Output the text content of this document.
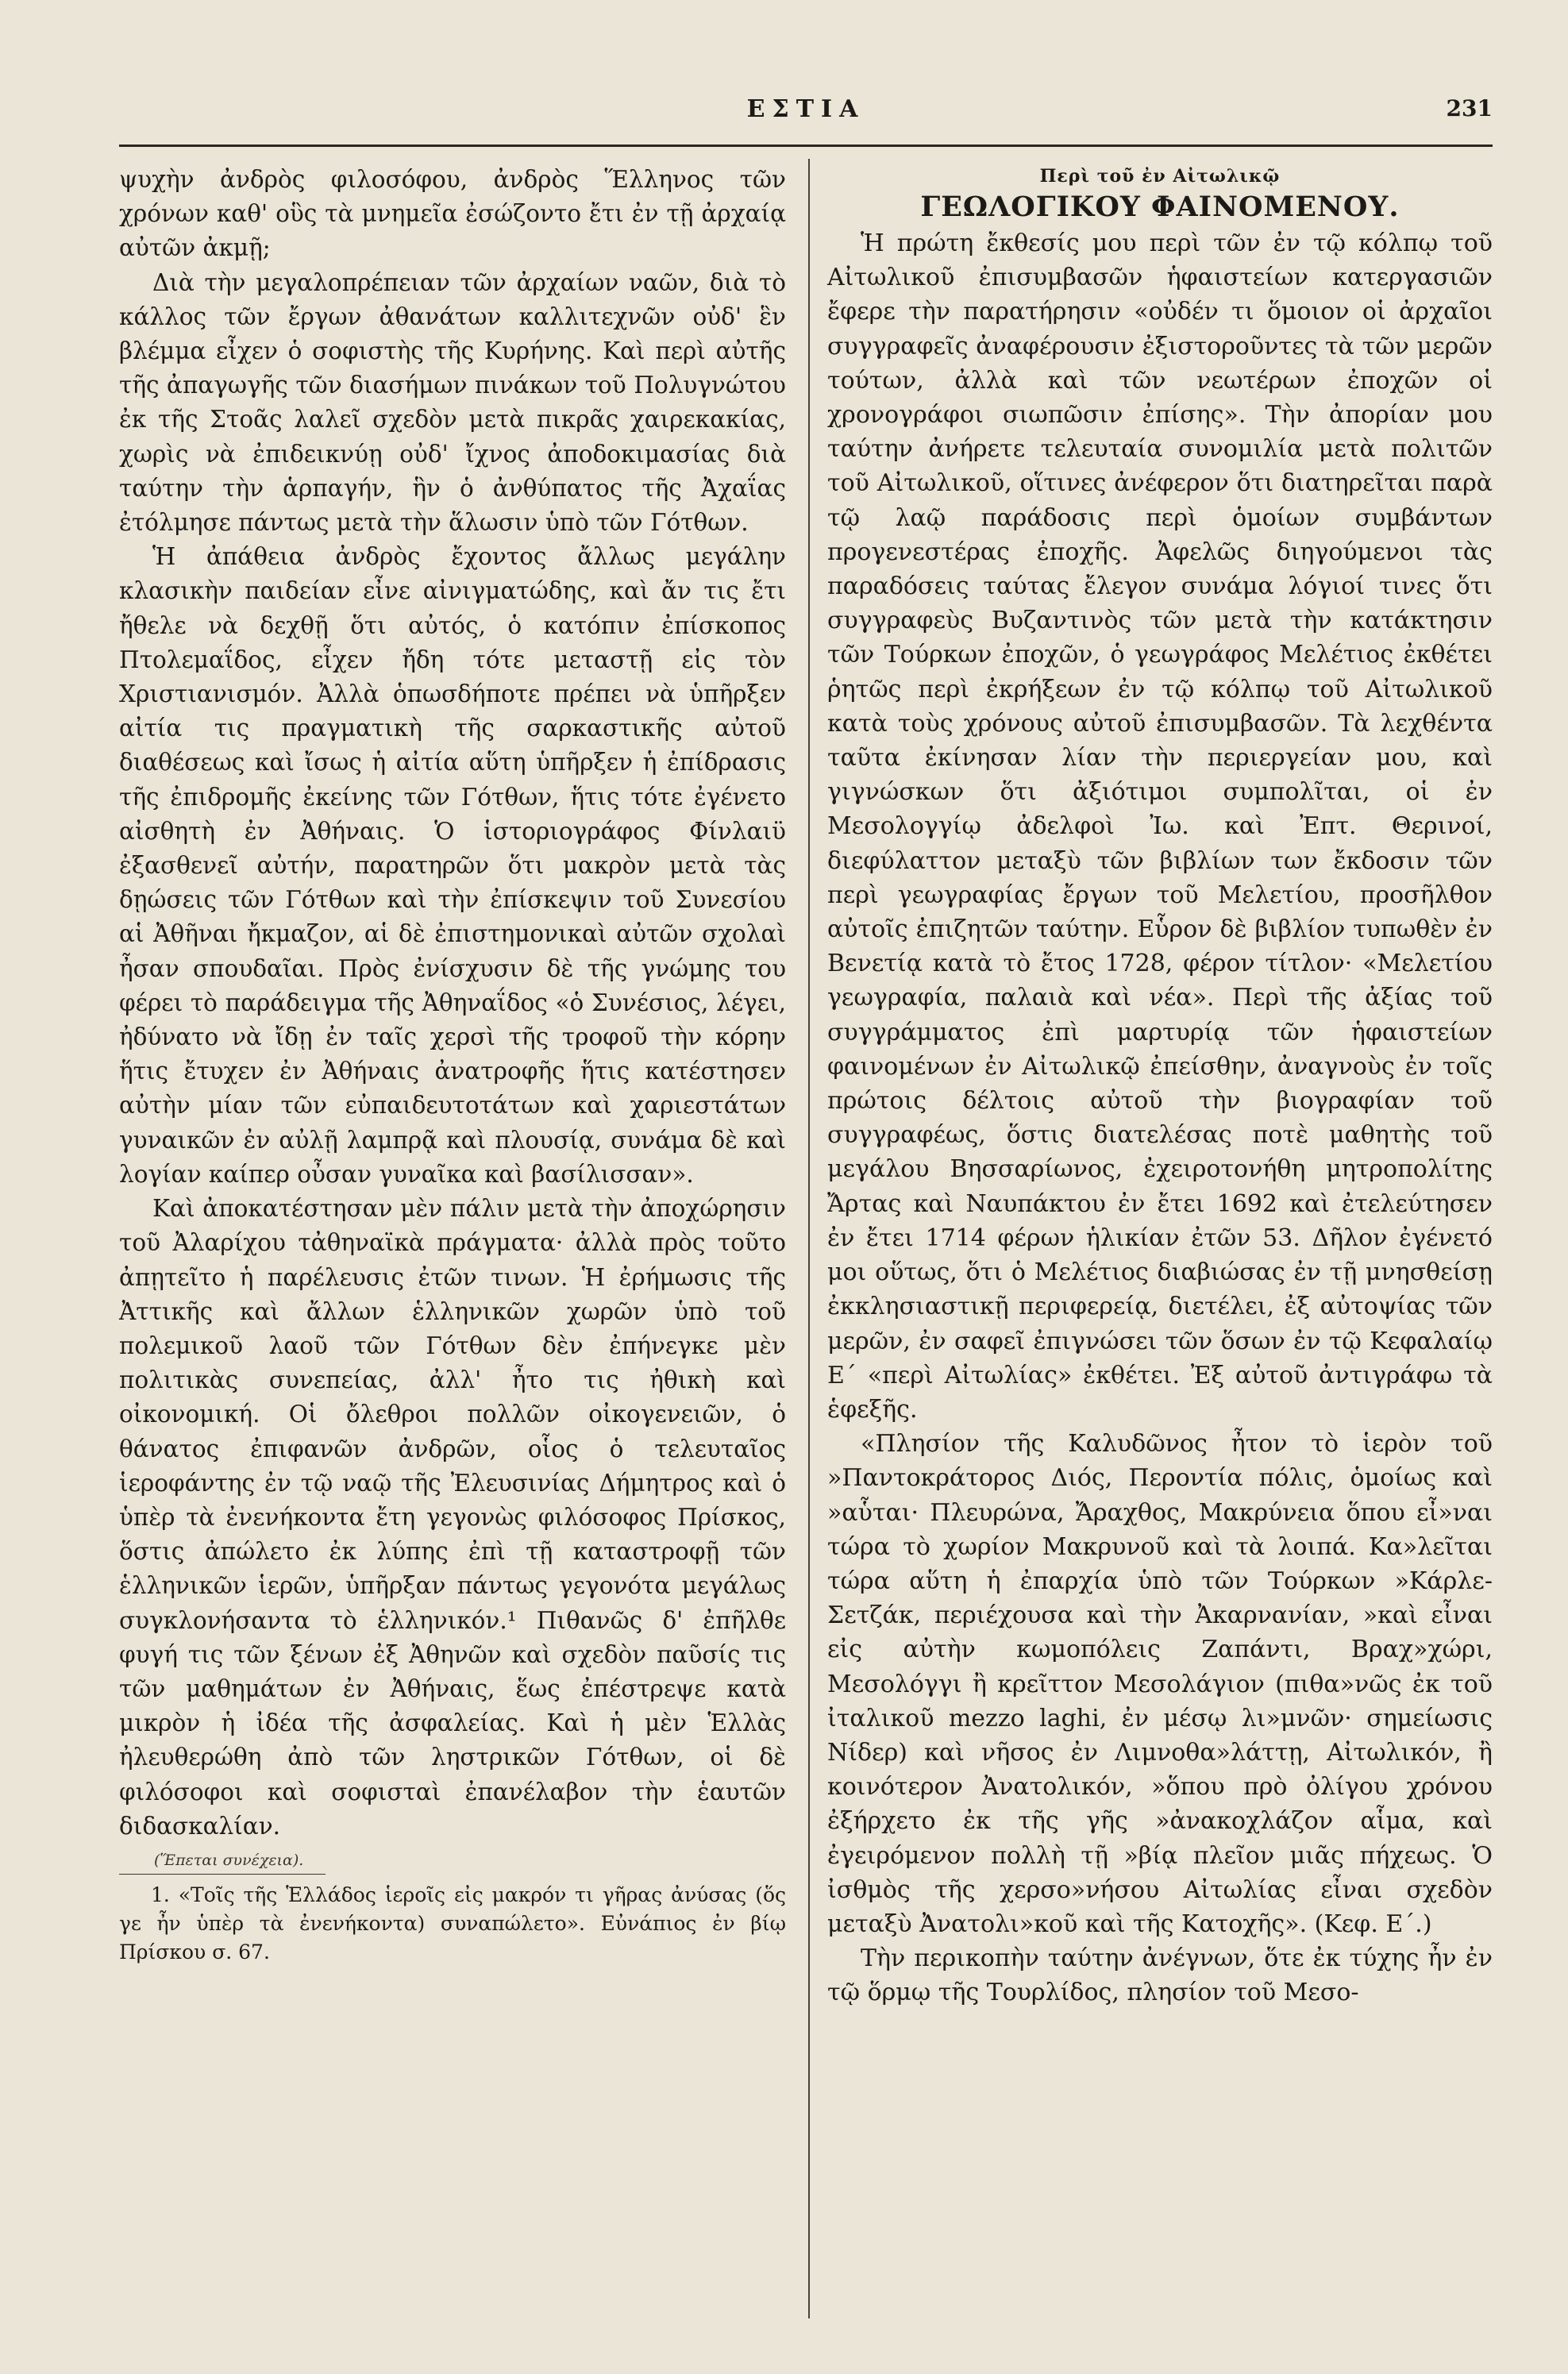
ΕΣΤΙΑ	231

ψυχὴν ἀνδρὸς φιλοσόφου, ἀνδρὸς Ἕλληνος τῶν χρόνων καθ' οὓς τὰ μνημεῖα ἐσώζοντο ἔτι ἐν τῇ ἀρχαίᾳ αὐτῶν ἀκμῇ;

Διὰ τὴν μεγαλοπρέπειαν τῶν ἀρχαίων ναῶν, διὰ τὸ κάλλος τῶν ἔργων ἀθανάτων καλλιτεχνῶν οὐδ' ἓν βλέμμα εἶχεν ὁ σοφιστὴς τῆς Κυρήνης. Καὶ περὶ αὐτῆς τῆς ἀπαγωγῆς τῶν διασήμων πινάκων τοῦ Πολυγνώτου ἐκ τῆς Στοᾶς λαλεῖ σχεδὸν μετὰ πικρᾶς χαιρεκακίας, χωρὶς νὰ ἐπιδεικνύῃ οὐδ' ἴχνος ἀποδοκιμασίας διὰ ταύτην τὴν ἁρπαγήν, ἣν ὁ ἀνθύπατος τῆς Ἀχαΐας ἐτόλμησε πάντως μετὰ τὴν ἅλωσιν ὑπὸ τῶν Γότθων.

Ἡ ἀπάθεια ἀνδρὸς ἔχοντος ἄλλως μεγάλην κλασικὴν παιδείαν εἶνε αἰνιγματώδης, καὶ ἄν τις ἔτι ἤθελε νὰ δεχθῇ ὅτι αὐτός, ὁ κατόπιν ἐπίσκοπος Πτολεμαΐδος, εἶχεν ἤδη τότε μεταστῇ εἰς τὸν Χριστιανισμόν. Ἀλλὰ ὁπωσδήποτε πρέπει νὰ ὑπῆρξεν αἰτία τις πραγματικὴ τῆς σαρκαστικῆς αὐτοῦ διαθέσεως καὶ ἴσως ἡ αἰτία αὕτη ὑπῆρξεν ἡ ἐπίδρασις τῆς ἐπιδρομῆς ἐκείνης τῶν Γότθων, ἥτις τότε ἐγένετο αἰσθητὴ ἐν Ἀθήναις. Ὁ ἱστοριογράφος Φίνλαιϋ ἐξασθενεῖ αὐτήν, παρατηρῶν ὅτι μακρὸν μετὰ τὰς δῃώσεις τῶν Γότθων καὶ τὴν ἐπίσκεψιν τοῦ Συνεσίου αἱ Ἀθῆναι ἤκμαζον, αἱ δὲ ἐπιστημονικαὶ αὐτῶν σχολαὶ ἦσαν σπουδαῖαι. Πρὸς ἐνίσχυσιν δὲ τῆς γνώμης του φέρει τὸ παράδειγμα τῆς Ἀθηναΐδος «ὁ Συνέσιος, λέγει, ἠδύνατο νὰ ἴδῃ ἐν ταῖς χερσὶ τῆς τροφοῦ τὴν κόρην ἥτις ἔτυχεν ἐν Ἀθήναις ἀνατροφῆς ἥτις κατέστησεν αὐτὴν μίαν τῶν εὐπαιδευτοτάτων καὶ χαριεστάτων γυναικῶν ἐν αὐλῇ λαμπρᾷ καὶ πλουσίᾳ, συνάμα δὲ καὶ λογίαν καίπερ οὖσαν γυναῖκα καὶ βασίλισσαν».

Καὶ ἀποκατέστησαν μὲν πάλιν μετὰ τὴν ἀποχώρησιν τοῦ Ἀλαρίχου τἀθηναϊκὰ πράγματα· ἀλλὰ πρὸς τοῦτο ἀπῃτεῖτο ἡ παρέλευσις ἐτῶν τινων. Ἡ ἐρήμωσις τῆς Ἀττικῆς καὶ ἄλλων ἑλληνικῶν χωρῶν ὑπὸ τοῦ πολεμικοῦ λαοῦ τῶν Γότθων δὲν ἐπήνεγκε μὲν πολιτικὰς συνεπείας, ἀλλ' ἦτο τις ἠθικὴ καὶ οἰκονομική. Οἱ ὄλεθροι πολλῶν οἰκογενειῶν, ὁ θάνατος ἐπιφανῶν ἀνδρῶν, οἷος ὁ τελευταῖος ἱεροφάντης ἐν τῷ ναῷ τῆς Ἐλευσινίας Δήμητρος καὶ ὁ ὑπὲρ τὰ ἐνενήκοντα ἔτη γεγονὼς φιλόσοφος Πρίσκος, ὅστις ἀπώλετο ἐκ λύπης ἐπὶ τῇ καταστροφῇ τῶν ἑλληνικῶν ἱερῶν, ὑπῆρξαν πάντως γεγονότα μεγάλως συγκλονήσαντα τὸ ἑλληνικόν.¹ Πιθανῶς δ' ἐπῆλθε φυγή τις τῶν ξένων ἐξ Ἀθηνῶν καὶ σχεδὸν παῦσίς τις τῶν μαθημάτων ἐν Ἀθήναις, ἕως ἐπέστρεψε κατὰ μικρὸν ἡ ἰδέα τῆς ἀσφαλείας. Καὶ ἡ μὲν Ἑλλὰς ἠλευθερώθη ἀπὸ τῶν ληστρικῶν Γότθων, οἱ δὲ φιλόσοφοι καὶ σοφισταὶ ἐπανέλαβον τὴν ἑαυτῶν διδασκαλίαν.

(Ἕπεται συνέχεια).

1. «Τοῖς τῆς Ἑλλάδος ἱεροῖς εἰς μακρόν τι γῆρας ἀνύσας (ὅς γε ἦν ὑπὲρ τὰ ἐνενήκοντα) συναπώλετο». Εὐνάπιος ἐν βίῳ Πρίσκου σ. 67.

Περὶ τοῦ ἐν Αἰτωλικῷ
ΓΕΩΛΟΓΙΚΟΥ ΦΑΙΝΟΜΕΝΟΥ.

Ἡ πρώτη ἔκθεσίς μου περὶ τῶν ἐν τῷ κόλπῳ τοῦ Αἰτωλικοῦ ἐπισυμβασῶν ἡφαιστείων κατεργασιῶν ἔφερε τὴν παρατήρησιν «οὐδέν τι ὅμοιον οἱ ἀρχαῖοι συγγραφεῖς ἀναφέρουσιν ἐξιστοροῦντες τὰ τῶν μερῶν τούτων, ἀλλὰ καὶ τῶν νεωτέρων ἐποχῶν οἱ χρονογράφοι σιωπῶσιν ἐπίσης». Τὴν ἀπορίαν μου ταύτην ἀνήρετε τελευταία συνομιλία μετὰ πολιτῶν τοῦ Αἰτωλικοῦ, οἵτινες ἀνέφερον ὅτι διατηρεῖται παρὰ τῷ λαῷ παράδοσις περὶ ὁμοίων συμβάντων προγενεστέρας ἐποχῆς. Ἀφελῶς διηγούμενοι τὰς παραδόσεις ταύτας ἔλεγον συνάμα λόγιοί τινες ὅτι συγγραφεὺς Βυζαντινὸς τῶν μετὰ τὴν κατάκτησιν τῶν Τούρκων ἐποχῶν, ὁ γεωγράφος Μελέτιος ἐκθέτει ῥητῶς περὶ ἐκρήξεων ἐν τῷ κόλπῳ τοῦ Αἰτωλικοῦ κατὰ τοὺς χρόνους αὐτοῦ ἐπισυμβασῶν. Τὰ λεχθέντα ταῦτα ἐκίνησαν λίαν τὴν περιεργείαν μου, καὶ γιγνώσκων ὅτι ἀξιότιμοι συμπολῖται, οἱ ἐν Μεσολογγίῳ ἀδελφοὶ Ἰω. καὶ Ἐπτ. Θερινοί, διεφύλαττον μεταξὺ τῶν βιβλίων των ἔκδοσιν τῶν περὶ γεωγραφίας ἔργων τοῦ Μελετίου, προσῆλθον αὐτοῖς ἐπιζητῶν ταύτην. Εὗρον δὲ βιβλίον τυπωθὲν ἐν Βενετίᾳ κατὰ τὸ ἔτος 1728, φέρον τίτλον· «Μελετίου γεωγραφία, παλαιὰ καὶ νέα». Περὶ τῆς ἀξίας τοῦ συγγράμματος ἐπὶ μαρτυρίᾳ τῶν ἡφαιστείων φαινομένων ἐν Αἰτωλικῷ ἐπείσθην, ἀναγνοὺς ἐν τοῖς πρώτοις δέλτοις αὐτοῦ τὴν βιογραφίαν τοῦ συγγραφέως, ὅστις διατελέσας ποτὲ μαθητὴς τοῦ μεγάλου Βησσαρίωνος, ἐχειροτονήθη μητροπολίτης Ἄρτας καὶ Ναυπάκτου ἐν ἔτει 1692 καὶ ἐτελεύτησεν ἐν ἔτει 1714 φέρων ἡλικίαν ἐτῶν 53. Δῆλον ἐγένετό μοι οὕτως, ὅτι ὁ Μελέτιος διαβιώσας ἐν τῇ μνησθείσῃ ἐκκλησιαστικῇ περιφερείᾳ, διετέλει, ἐξ αὐτοψίας τῶν μερῶν, ἐν σαφεῖ ἐπιγνώσει τῶν ὅσων ἐν τῷ Κεφαλαίῳ Ε΄ «περὶ Αἰτωλίας» ἐκθέτει. Ἐξ αὐτοῦ ἀντιγράφω τὰ ἑφεξῆς.

«Πλησίον τῆς Καλυδῶνος ἦτον τὸ ἱερὸν τοῦ »Παντοκράτορος Διός, Περοντία πόλις, ὁμοίως καὶ »αὗται· Πλευρώνα, Ἄραχθος, Μακρύνεια ὅπου εἶ»ναι τώρα τὸ χωρίον Μακρυνοῦ καὶ τὰ λοιπά. Κα»λεῖται τώρα αὕτη ἡ ἐπαρχία ὑπὸ τῶν Τούρκων »Κάρλε-Σετζάκ, περιέχουσα καὶ τὴν Ἀκαρνανίαν, »καὶ εἶναι εἰς αὐτὴν κωμοπόλεις Ζαπάντι, Βραχ»χώρι, Μεσολόγγι ἢ κρεῖττον Μεσολάγιον (πιθα»νῶς ἐκ τοῦ ἰταλικοῦ mezzo laghi, ἐν μέσῳ λι»μνῶν· σημείωσις Νίδερ) καὶ νῆσος ἐν Λιμνοθα»λάττῃ, Αἰτωλικόν, ἢ κοινότερον Ἀνατολικόν, »ὅπου πρὸ ὀλίγου χρόνου ἐξήρχετο ἐκ τῆς γῆς »ἀνακοχλάζον αἷμα, καὶ ἐγειρόμενον πολλὴ τῇ »βίᾳ πλεῖον μιᾶς πήχεως. Ὁ ἰσθμὸς τῆς χερσο»νήσου Αἰτωλίας εἶναι σχεδὸν μεταξὺ Ἀνατολι»κοῦ καὶ τῆς Κατοχῆς». (Κεφ. Ε΄.)

Τὴν περικοπὴν ταύτην ἀνέγνων, ὅτε ἐκ τύχης ἦν ἐν τῷ ὅρμῳ τῆς Τουρλίδος, πλησίον τοῦ Μεσο-
